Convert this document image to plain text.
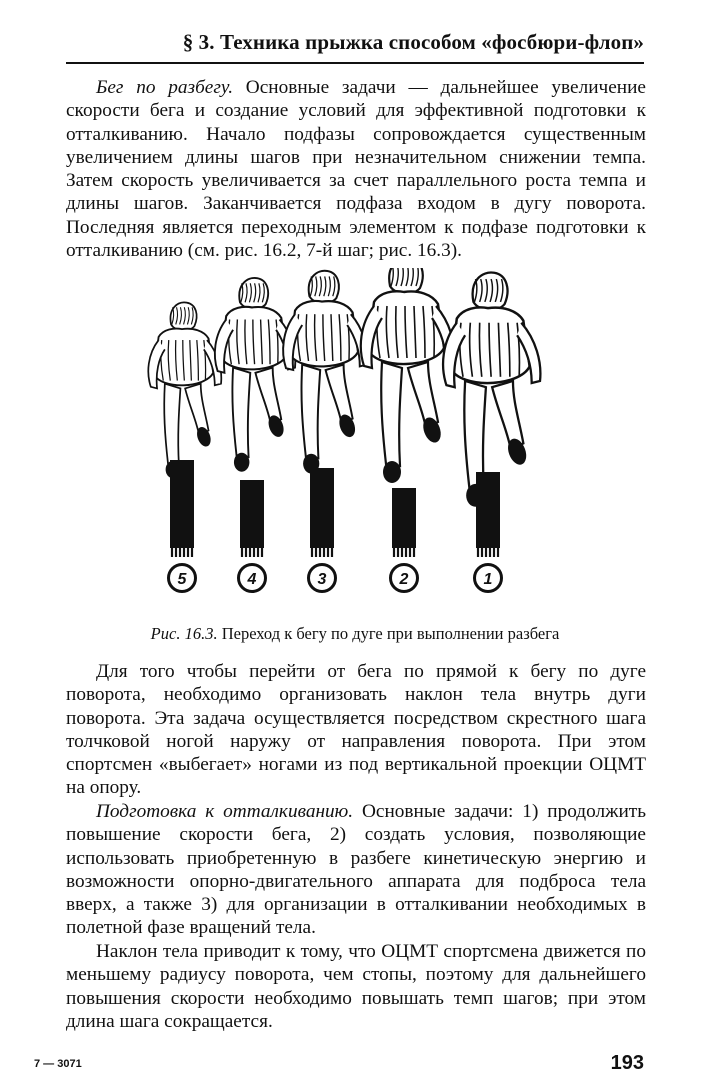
§ 3. Техника прыжка способом «фосбюри-флоп»

Бег по разбегу. Основные задачи — дальнейшее увеличение скорости бега и создание условий для эффективной подготовки к отталкиванию. Начало подфазы сопровождается существенным увеличением длины шагов при незначительном снижении темпа. Затем скорость увеличивается за счет параллельного роста темпа и длины шагов. Заканчивается подфаза входом в дугу поворота. Последняя является переходным элементом к подфазе подготовки к отталкиванию (см. рис. 16.2, 7-й шаг; рис. 16.3).

5	4	3	2	1
Рис. 16.3. Переход к бегу по дуге при выполнении разбега

Для того чтобы перейти от бега по прямой к бегу по дуге поворота, необходимо организовать наклон тела внутрь дуги поворота. Эта задача осуществляется посредством скрестного шага толчковой ногой наружу от направления поворота. При этом спортсмен «выбегает» ногами из под вертикальной проекции ОЦМТ на опору.

Подготовка к отталкиванию. Основные задачи: 1) продолжить повышение скорости бега, 2) создать условия, позволяющие использовать приобретенную в разбеге кинетическую энергию и возможности опорно-двигательного аппарата для подброса тела вверх, а также 3) для организации в отталкивании необходимых в полетной фазе вращений тела.

Наклон тела приводит к тому, что ОЦМТ спортсмена движется по меньшему радиусу поворота, чем стопы, поэтому для дальнейшего повышения скорости необходимо повышать темп шагов; при этом длина шага сокращается.

7 — 3071	193
